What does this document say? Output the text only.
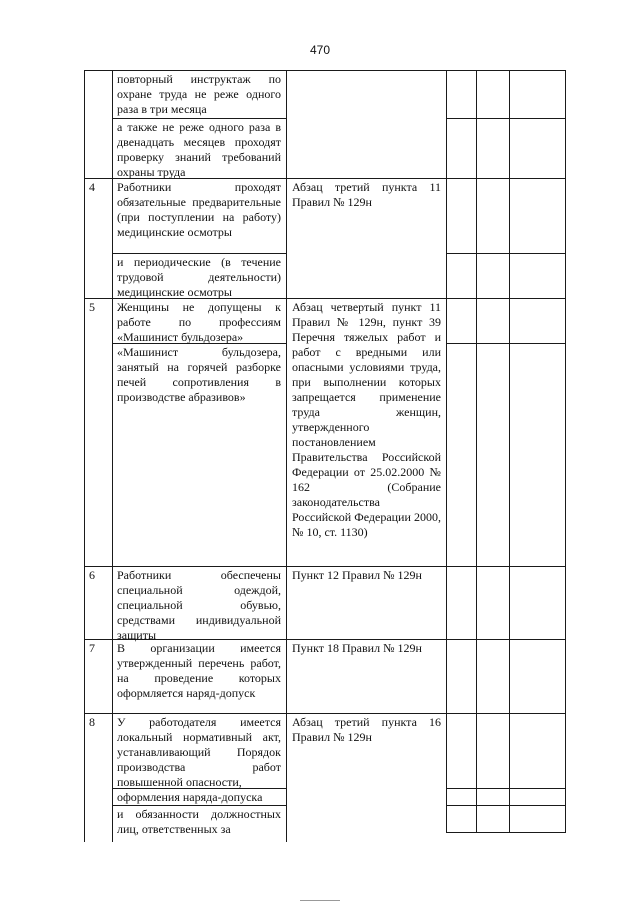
470
повторный инструктаж по охране труда не реже одного раза в три месяца
а также не реже одного раза в двенадцать месяцев проходят проверку знаний требований охраны труда
4 Работники проходят обязательные предварительные (при поступлении на работу) медицинские осмотры
и периодические (в течение трудовой деятельности) медицинские осмотры
Абзац третий пункта 11 Правил № 129н
5 Женщины не допущены к работе по профессиям «Машинист бульдозера»
«Машинист бульдозера, занятый на горячей разборке печей сопротивления в производстве абразивов»
Абзац четвертый пункт 11 Правил № 129н, пункт 39 Перечня тяжелых работ и работ с вредными или опасными условиями труда, при выполнении которых запрещается применение труда женщин, утвержденного постановлением Правительства Российской Федерации от 25.02.2000 № 162 (Собрание законодательства Российской Федерации 2000, № 10, ст. 1130)
6 Работники обеспечены специальной одеждой, специальной обувью, средствами индивидуальной защиты
Пункт 12 Правил № 129н
7 В организации имеется утвержденный перечень работ, на проведение которых оформляется наряд-допуск
Пункт 18 Правил № 129н
8 У работодателя имеется локальный нормативный акт, устанавливающий Порядок производства работ повышенной опасности,
оформления наряда-допуска
и обязанности должностных лиц, ответственных за
Абзац третий пункта 16 Правил № 129н
